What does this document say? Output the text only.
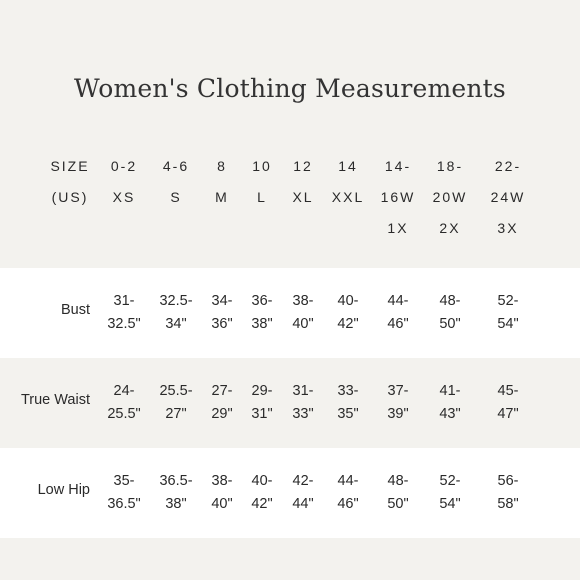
Women's Clothing Measurements
SIZE
(US)
0-2
XS
4-6
S
8
M
10
L
12
XL
14
XXL
14-
16W
1X
18-
20W
2X
22-
24W
3X
Bust
31-
32.5"
32.5-
34"
34-
36"
36-
38"
38-
40"
40-
42"
44-
46"
48-
50"
52-
54"
True Waist
24-
25.5"
25.5-
27"
27-
29"
29-
31"
31-
33"
33-
35"
37-
39"
41-
43"
45-
47"
Low Hip
35-
36.5"
36.5-
38"
38-
40"
40-
42"
42-
44"
44-
46"
48-
50"
52-
54"
56-
58"
